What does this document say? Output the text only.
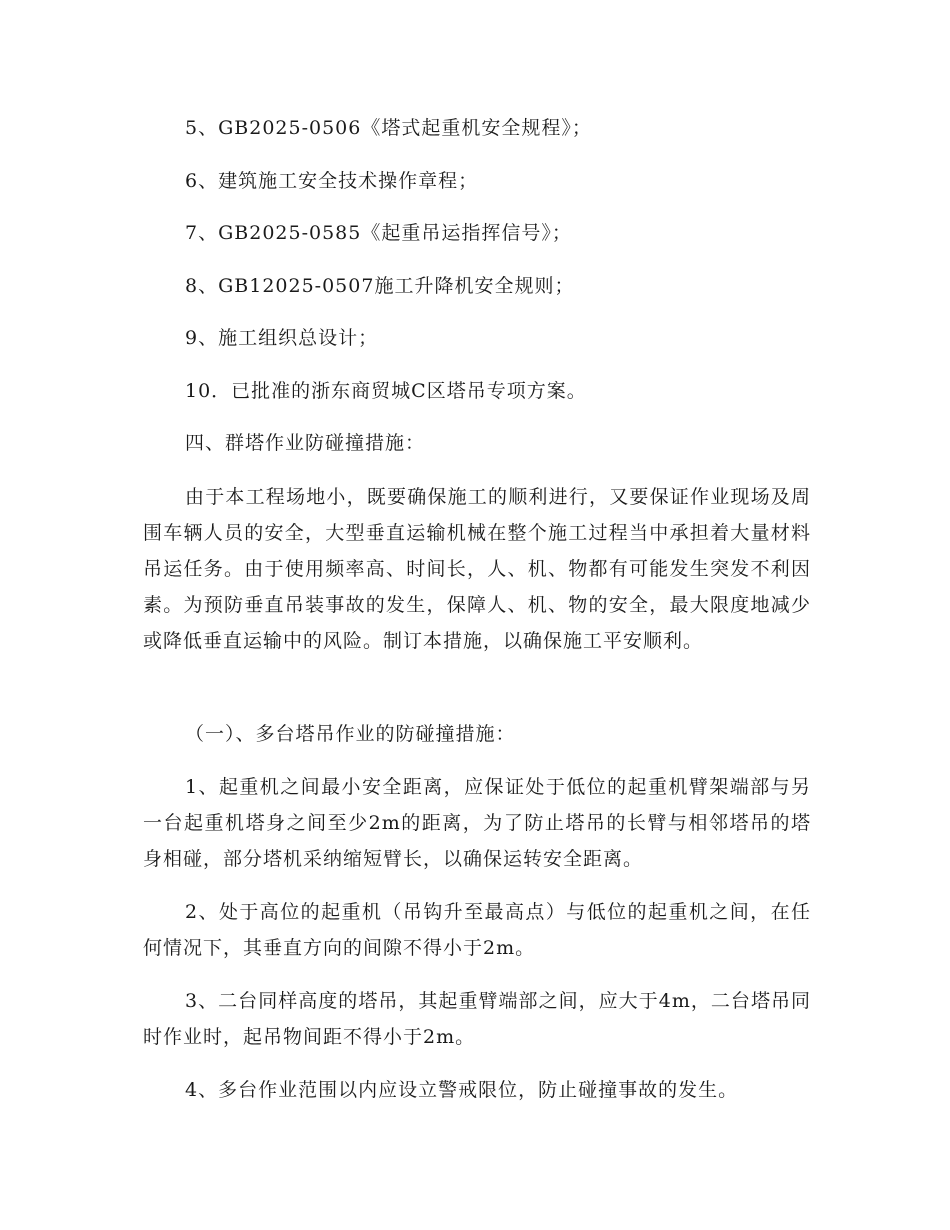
5、GB2025-0506《塔式起重机安全规程》；
6、建筑施工安全技术操作章程；
7、GB2025-0585《起重吊运指挥信号》；
8、GB12025-0507施工升降机安全规则；
9、施工组织总设计；
10．已批准的浙东商贸城C区塔吊专项方案。
四、群塔作业防碰撞措施：

由于本工程场地小，既要确保施工的顺利进行，又要保证作业现场及周围车辆人员的安全，大型垂直运输机械在整个施工过程当中承担着大量材料吊运任务。由于使用频率高、时间长，人、机、物都有可能发生突发不利因素。为预防垂直吊装事故的发生，保障人、机、物的安全，最大限度地减少或降低垂直运输中的风险。制订本措施，以确保施工平安顺利。

（一）、多台塔吊作业的防碰撞措施：

1、起重机之间最小安全距离，应保证处于低位的起重机臂架端部与另一台起重机塔身之间至少2m的距离，为了防止塔吊的长臂与相邻塔吊的塔身相碰，部分塔机采纳缩短臂长，以确保运转安全距离。

2、处于高位的起重机（吊钩升至最高点）与低位的起重机之间，在任何情况下，其垂直方向的间隙不得小于2m。

3、二台同样高度的塔吊，其起重臂端部之间，应大于4m，二台塔吊同时作业时，起吊物间距不得小于2m。

4、多台作业范围以内应设立警戒限位，防止碰撞事故的发生。
